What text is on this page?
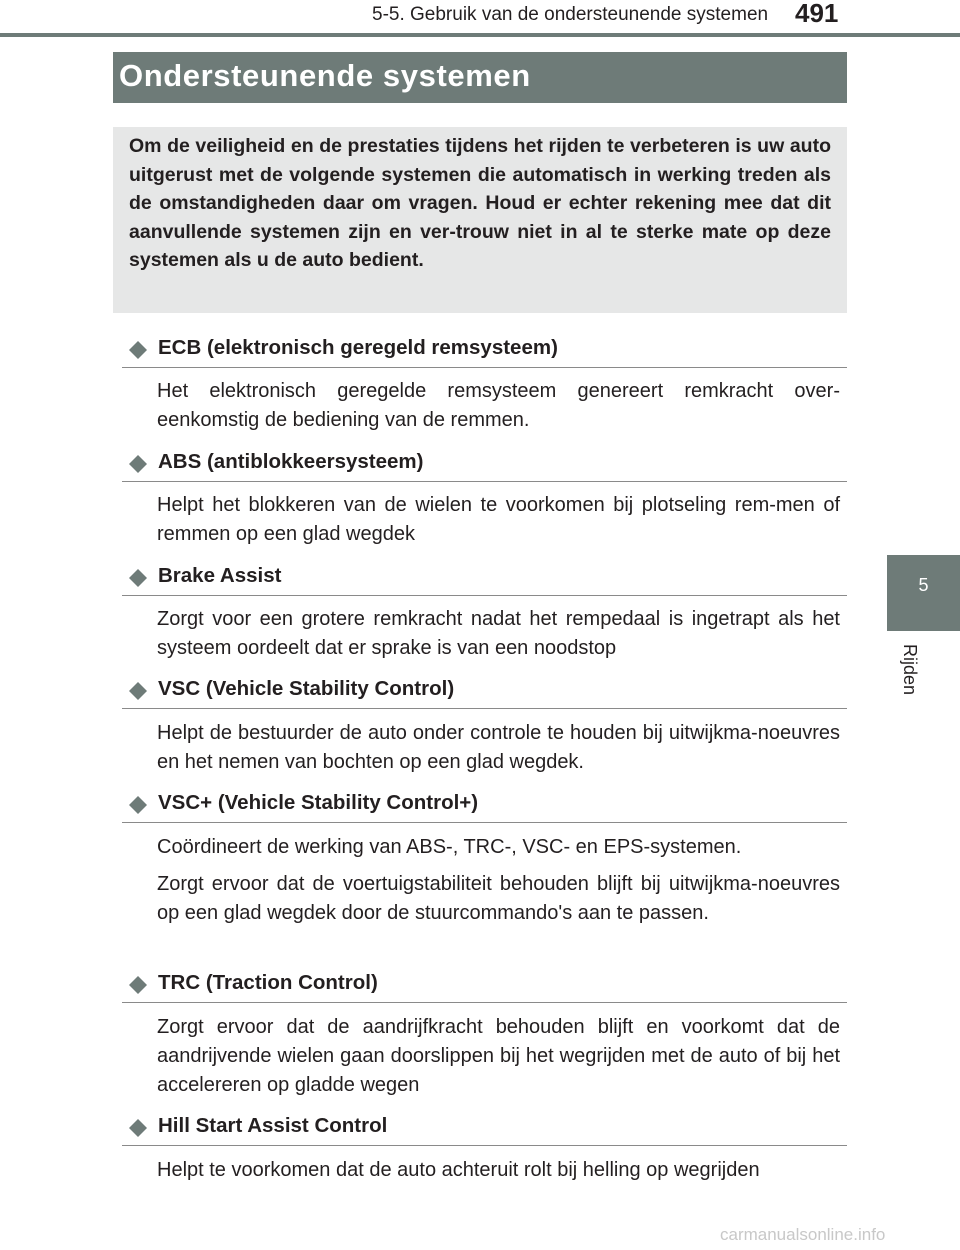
5-5. Gebruik van de ondersteunende systemen	491
5
Rijden
Ondersteunende systemen

Om de veiligheid en de prestaties tijdens het rijden te verbeteren is uw auto uitgerust met de volgende systemen die automatisch in werking treden als de omstandigheden daar om vragen. Houd er echter rekening mee dat dit aanvullende systemen zijn en ver-trouw niet in al te sterke mate op deze systemen als u de auto bedient.

ECB (elektronisch geregeld remsysteem)

Het elektronisch geregelde remsysteem genereert remkracht over-eenkomstig de bediening van de remmen.

ABS (antiblokkeersysteem)

Helpt het blokkeren van de wielen te voorkomen bij plotseling rem-men of remmen op een glad wegdek

Brake Assist

Zorgt voor een grotere remkracht nadat het rempedaal is ingetrapt als het systeem oordeelt dat er sprake is van een noodstop

VSC (Vehicle Stability Control)

Helpt de bestuurder de auto onder controle te houden bij uitwijkma-noeuvres en het nemen van bochten op een glad wegdek.

VSC+ (Vehicle Stability Control+)

Coördineert de werking van ABS-, TRC-, VSC- en EPS-systemen.

Zorgt ervoor dat de voertuigstabiliteit behouden blijft bij uitwijkma-noeuvres op een glad wegdek door de stuurcommando's aan te passen.

TRC (Traction Control)

Zorgt ervoor dat de aandrijfkracht behouden blijft en voorkomt dat de aandrijvende wielen gaan doorslippen bij het wegrijden met de auto of bij het accelereren op gladde wegen

Hill Start Assist Control

Helpt te voorkomen dat de auto achteruit rolt bij helling op wegrijden

carmanualsonline.info
